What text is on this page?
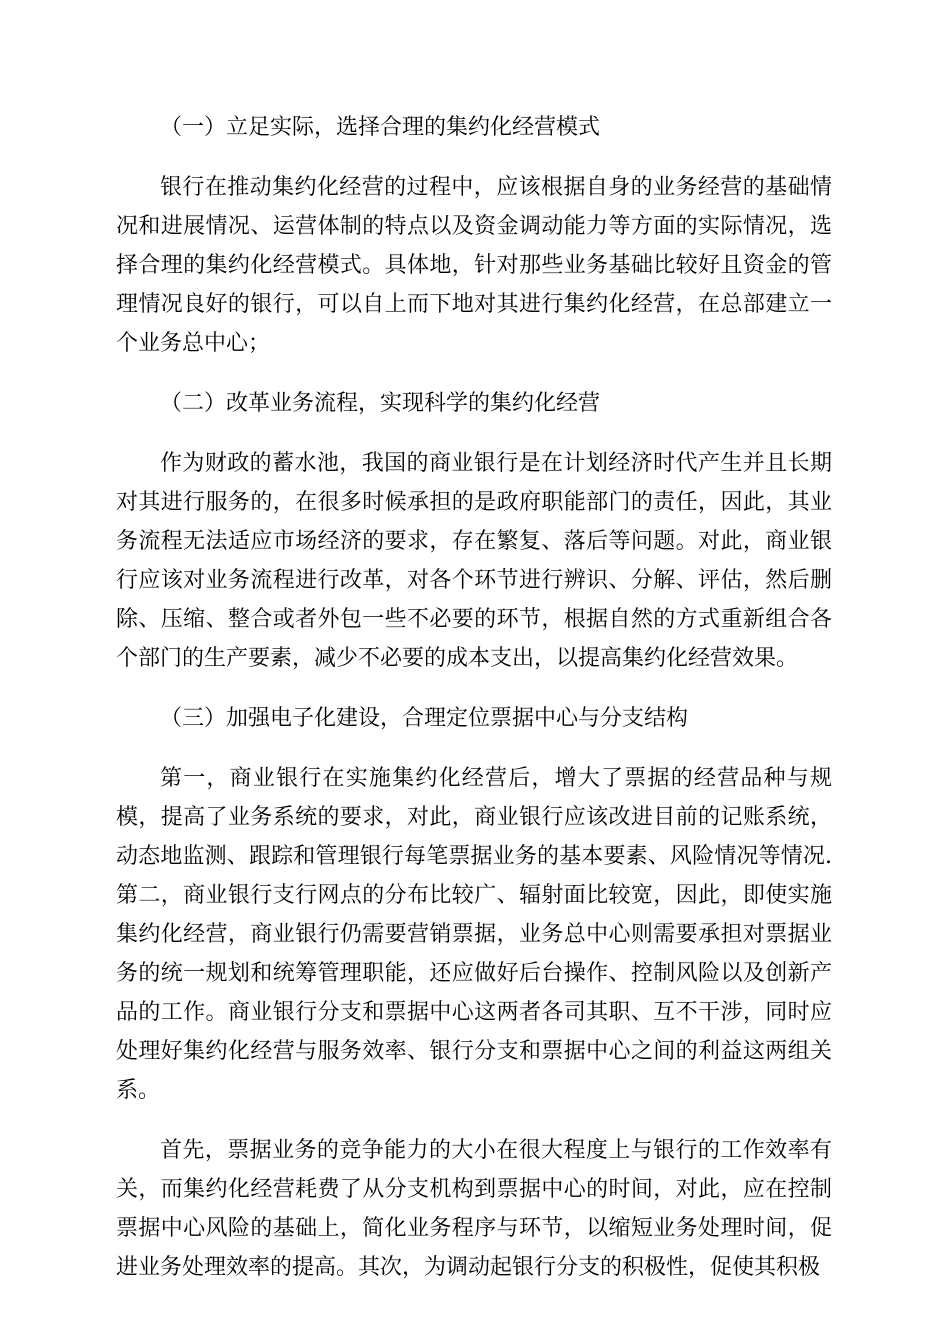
（一）立足实际，选择合理的集约化经营模式

银行在推动集约化经营的过程中，应该根据自身的业务经营的基础情况和进展情况、运营体制的特点以及资金调动能力等方面的实际情况，选择合理的集约化经营模式。具体地，针对那些业务基础比较好且资金的管理情况良好的银行，可以自上而下地对其进行集约化经营，在总部建立一个业务总中心；

（二）改革业务流程，实现科学的集约化经营

作为财政的蓄水池，我国的商业银行是在计划经济时代产生并且长期对其进行服务的，在很多时候承担的是政府职能部门的责任，因此，其业务流程无法适应市场经济的要求，存在繁复、落后等问题。对此，商业银行应该对业务流程进行改革，对各个环节进行辨识、分解、评估，然后删除、压缩、整合或者外包一些不必要的环节，根据自然的方式重新组合各个部门的生产要素，减少不必要的成本支出，以提高集约化经营效果。

（三）加强电子化建设，合理定位票据中心与分支结构

第一，商业银行在实施集约化经营后，增大了票据的经营品种与规模，提高了业务系统的要求，对此，商业银行应该改进目前的记账系统，动态地监测、跟踪和管理银行每笔票据业务的基本要素、风险情况等情况.第二，商业银行支行网点的分布比较广、辐射面比较宽，因此，即使实施集约化经营，商业银行仍需要营销票据，业务总中心则需要承担对票据业务的统一规划和统筹管理职能，还应做好后台操作、控制风险以及创新产品的工作。商业银行分支和票据中心这两者各司其职、互不干涉，同时应处理好集约化经营与服务效率、银行分支和票据中心之间的利益这两组关系。

首先，票据业务的竞争能力的大小在很大程度上与银行的工作效率有关，而集约化经营耗费了从分支机构到票据中心的时间，对此，应在控制票据中心风险的基础上，简化业务程序与环节，以缩短业务处理时间，促进业务处理效率的提高。其次，为调动起银行分支的积极性，促使其积极
